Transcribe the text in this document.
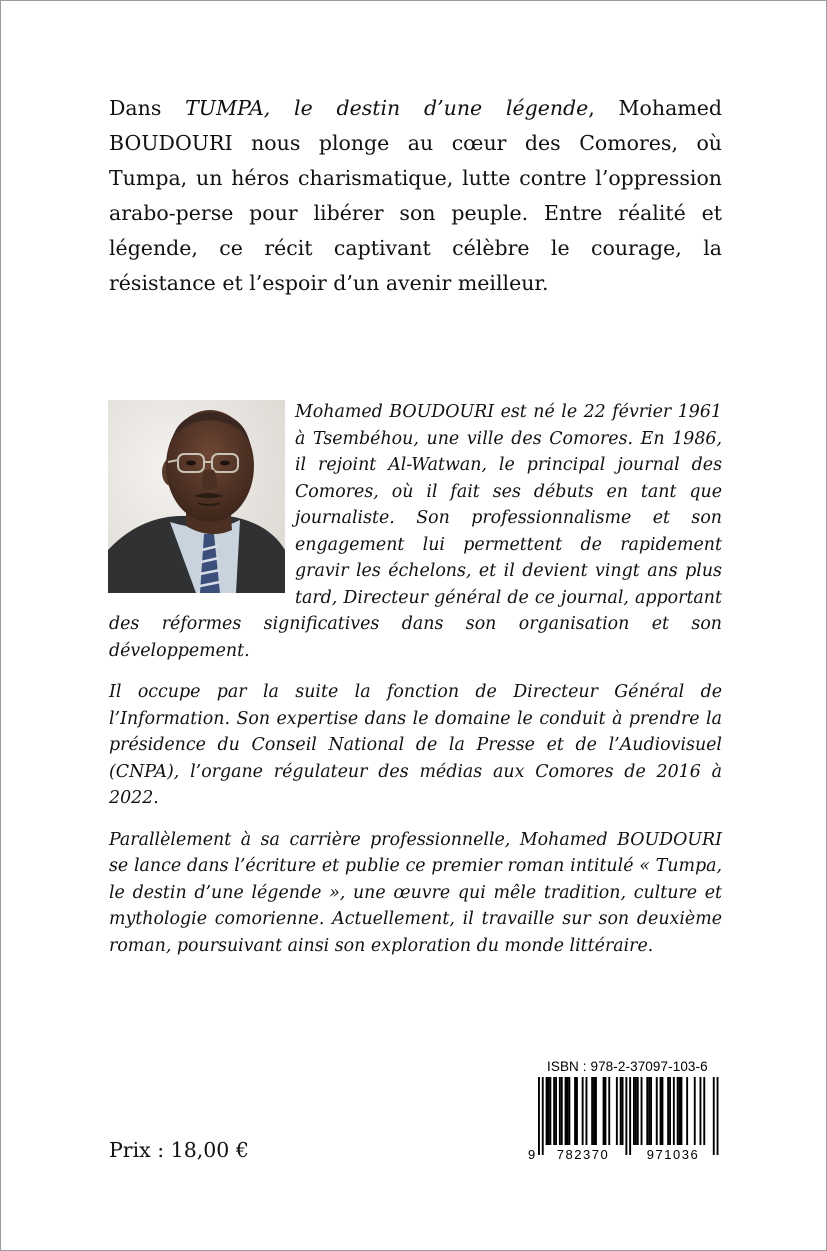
Dans TUMPA, le destin d’une légende, Mohamed BOUDOURI nous plonge au cœur des Comores, où Tumpa, un héros charismatique, lutte contre l’oppression arabo-perse pour libérer son peuple. Entre réalité et légende, ce récit captivant célèbre le courage, la résistance et l’espoir d’un avenir meilleur.

Mohamed BOUDOURI est né le 22 février 1961 à Tsembéhou, une ville des Comores. En 1986, il rejoint Al-Watwan, le principal journal des Comores, où il fait ses débuts en tant que journaliste. Son professionnalisme et son engagement lui permettent de rapidement gravir les échelons, et il devient vingt ans plus tard, Directeur général de ce journal, apportant des réformes significatives dans son organisation et son développement.

Il occupe par la suite la fonction de Directeur Général de l’Information. Son expertise dans le domaine le conduit à prendre la présidence du Conseil National de la Presse et de l’Audiovisuel (CNPA), l’organe régulateur des médias aux Comores de 2016 à 2022.

Parallèlement à sa carrière professionnelle, Mohamed BOUDOURI se lance dans l’écriture et publie ce premier roman intitulé « Tumpa, le destin d’une légende », une œuvre qui mêle tradition, culture et mythologie comorienne. Actuellement, il travaille sur son deuxième roman, poursuivant ainsi son exploration du monde littéraire.

ISBN : 978-2-37097-103-6
9 782370	971036
Prix : 18,00 €
